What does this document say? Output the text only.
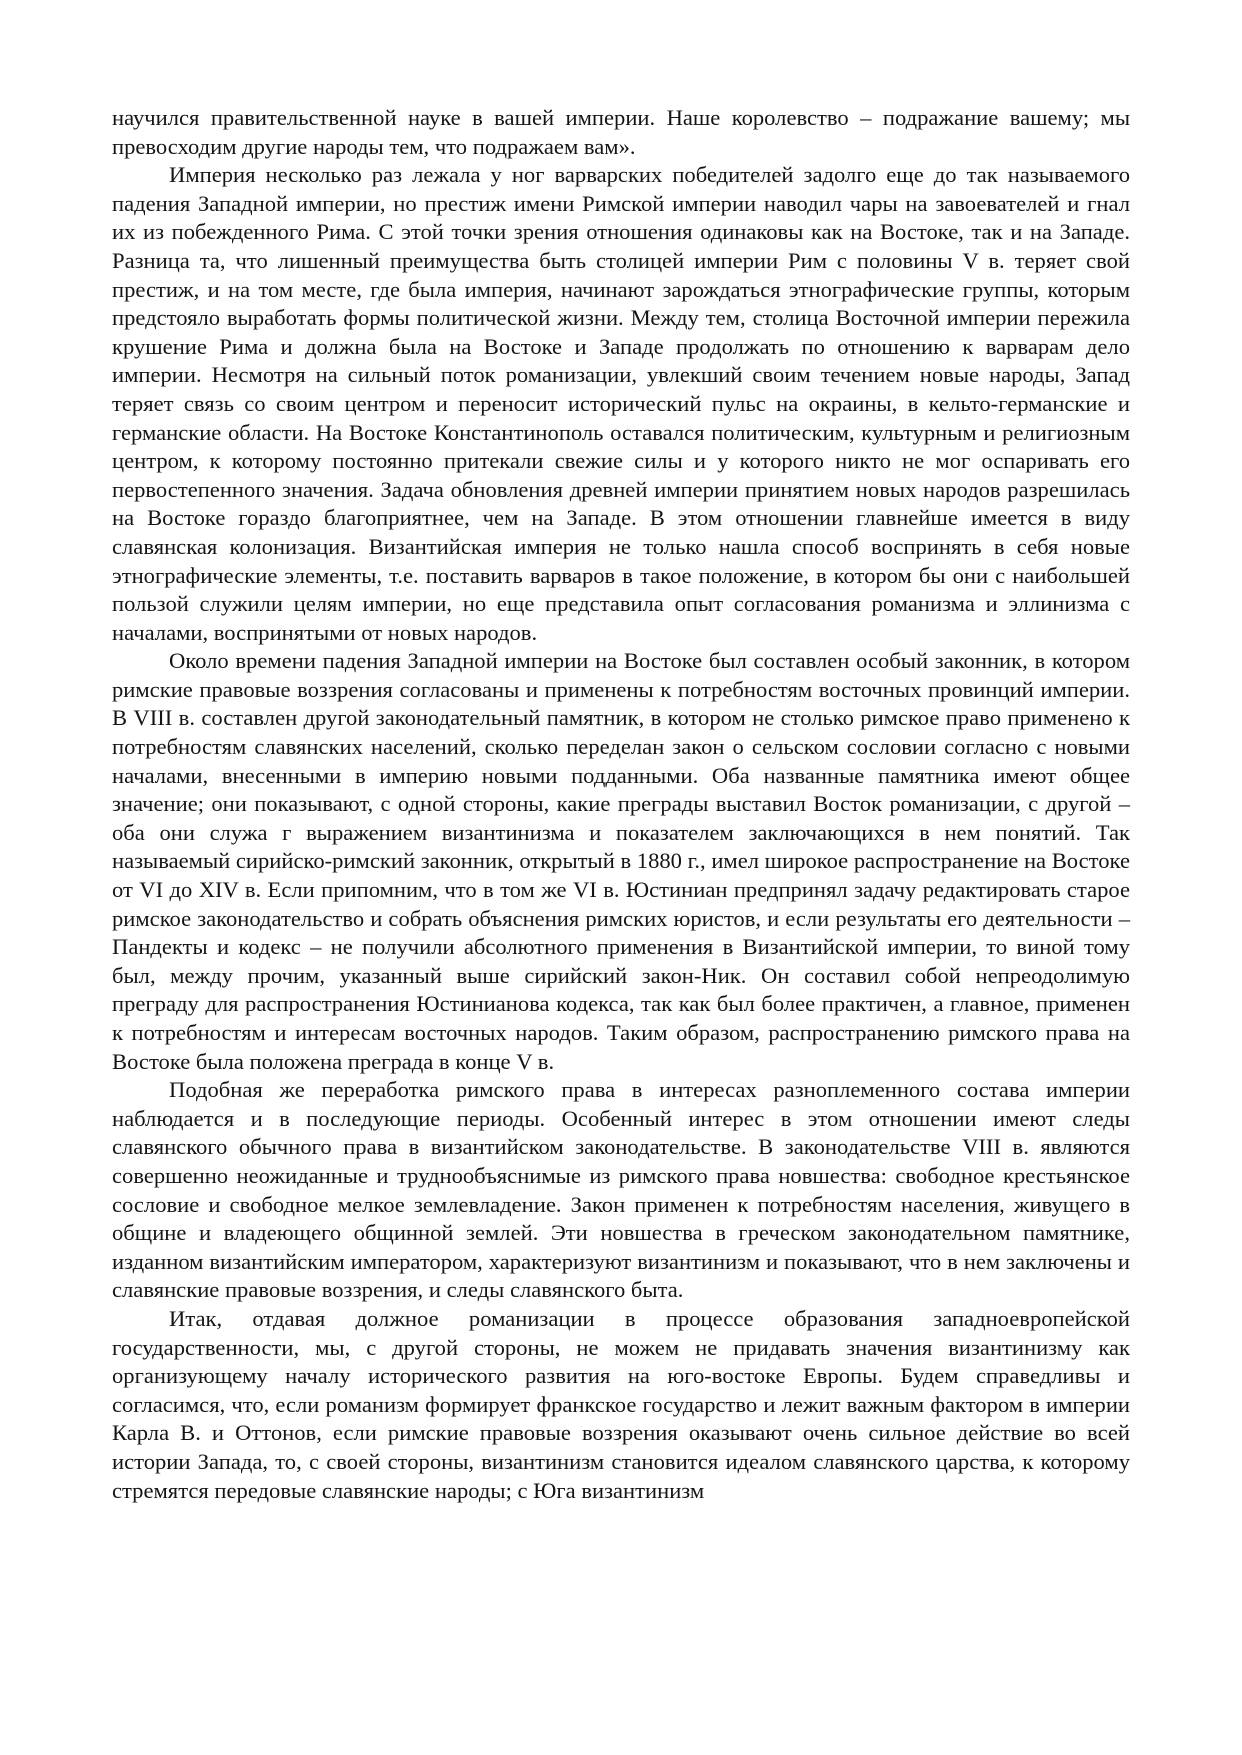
научился правительственной науке в вашей империи. Наше королевство – подражание вашему; мы превосходим другие народы тем, что подражаем вам».

Империя несколько раз лежала у ног варварских победителей задолго еще до так называемого падения Западной империи, но престиж имени Римской империи наводил чары на завоевателей и гнал их из побежденного Рима. С этой точки зрения отношения одинаковы как на Востоке, так и на Западе. Разница та, что лишенный преимущества быть столицей империи Рим с половины V в. теряет свой престиж, и на том месте, где была империя, начинают зарождаться этнографические группы, которым предстояло выработать формы политической жизни. Между тем, столица Восточной империи пережила крушение Рима и должна была на Востоке и Западе продолжать по отношению к варварам дело империи. Несмотря на сильный поток романизации, увлекший своим течением новые народы, Запад теряет связь со своим центром и переносит исторический пульс на окраины, в кельто-германские и германские области. На Востоке Константинополь оставался политическим, культурным и религиозным центром, к которому постоянно притекали свежие силы и у которого никто не мог оспаривать его первостепенного значения. Задача обновления древней империи принятием новых народов разрешилась на Востоке гораздо благоприятнее, чем на Западе. В этом отношении главнейше имеется в виду славянская колонизация. Византийская империя не только нашла способ воспринять в себя новые этнографические элементы, т.е. поставить варваров в такое положение, в котором бы они с наибольшей пользой служили целям империи, но еще представила опыт согласования романизма и эллинизма с началами, воспринятыми от новых народов.

Около времени падения Западной империи на Востоке был составлен особый законник, в котором римские правовые воззрения согласованы и применены к потребностям восточных провинций империи. В VIII в. составлен другой законодательный памятник, в котором не столько римское право применено к потребностям славянских населений, сколько переделан закон о сельском сословии согласно с новыми началами, внесенными в империю новыми подданными. Оба названные памятника имеют общее значение; они показывают, с одной стороны, какие преграды выставил Восток романизации, с другой – оба они служа г выражением византинизма и показателем заключающихся в нем понятий. Так называемый сирийско-римский законник, открытый в 1880 г., имел широкое распространение на Востоке от VI до XIV в. Если припомним, что в том же VI в. Юстиниан предпринял задачу редактировать старое римское законодательство и собрать объяснения римских юристов, и если результаты его деятельности – Пандекты и кодекс – не получили абсолютного применения в Византийской империи, то виной тому был, между прочим, указанный выше сирийский закон-Ник. Он составил собой непреодолимую преграду для распространения Юстинианова кодекса, так как был более практичен, а главное, применен к потребностям и интересам восточных народов. Таким образом, распространению римского права на Востоке была положена преграда в конце V в.

Подобная же переработка римского права в интересах разноплеменного состава империи наблюдается и в последующие периоды. Особенный интерес в этом отношении имеют следы славянского обычного права в византийском законодательстве. В законодательстве VIII в. являются совершенно неожиданные и труднообъяснимые из римского права новшества: свободное крестьянское сословие и свободное мелкое землевладение. Закон применен к потребностям населения, живущего в общине и владеющего общинной землей. Эти новшества в греческом законодательном памятнике, изданном византийским императором, характеризуют византинизм и показывают, что в нем заключены и славянские правовые воззрения, и следы славянского быта.

Итак, отдавая должное романизации в процессе образования западноевропейской государственности, мы, с другой стороны, не можем не придавать значения византинизму как организующему началу исторического развития на юго-востоке Европы. Будем справедливы и согласимся, что, если романизм формирует франкское государство и лежит важным фактором в империи Карла В. и Оттонов, если римские правовые воззрения оказывают очень сильное действие во всей истории Запада, то, с своей стороны, византинизм становится идеалом славянского царства, к которому стремятся передовые славянские народы; с Юга византинизм
